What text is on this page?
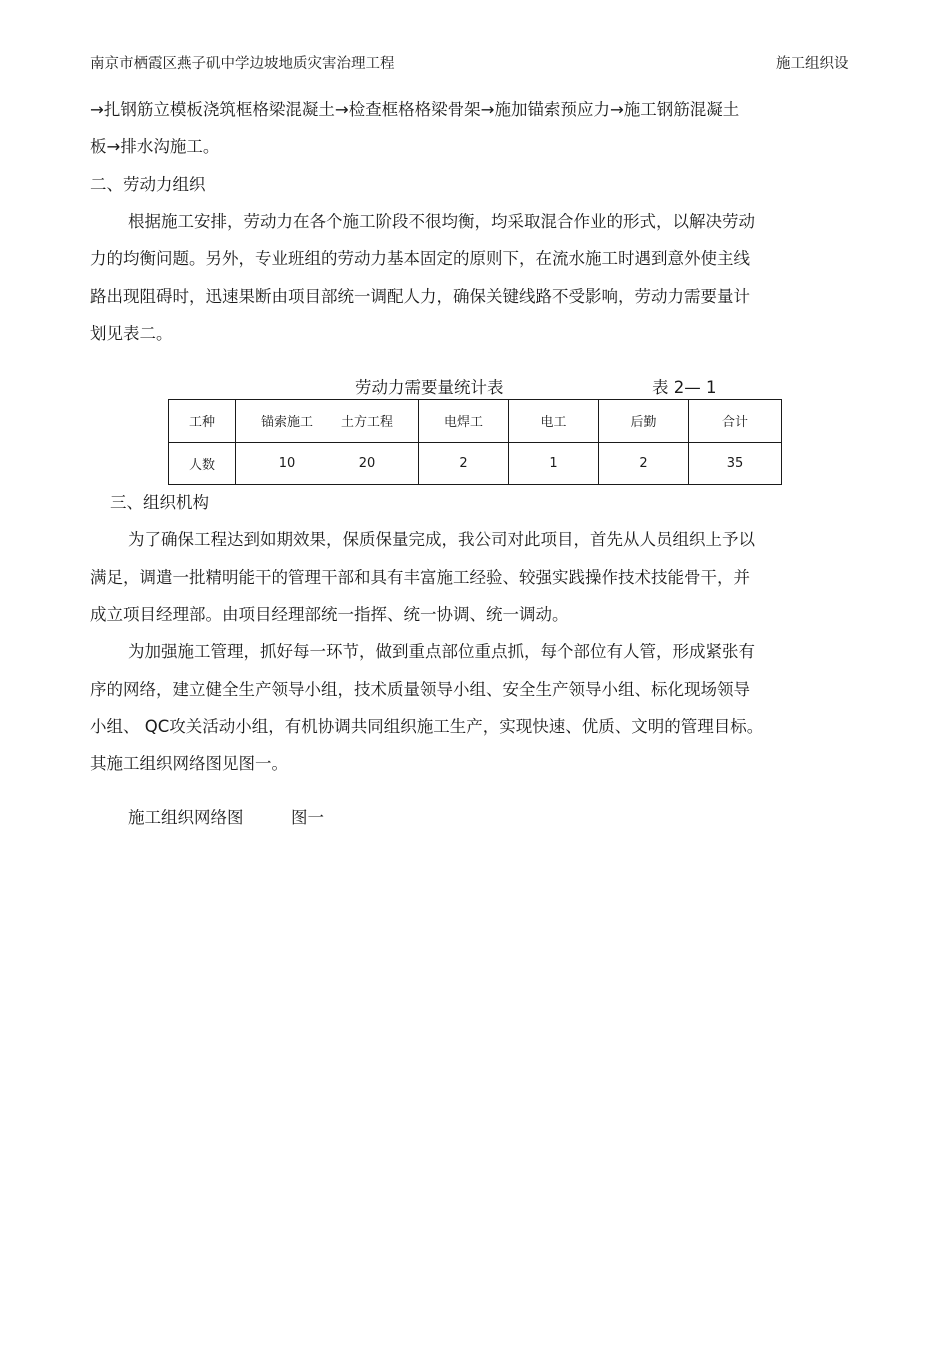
南京市栖霞区燕子矶中学边坡地质灾害治理工程	施工组织设
→扎钢筋立模板浇筑框格梁混凝土→检查框格格梁骨架→施加锚索预应力→施工钢筋混凝土
板→排水沟施工。
二、劳动力组织
根据施工安排，劳动力在各个施工阶段不很均衡，均采取混合作业的形式，以解决劳动
力的均衡问题。另外，专业班组的劳动力基本固定的原则下，在流水施工时遇到意外使主线
路出现阻碍时，迅速果断由项目部统一调配人力，确保关键线路不受影响，劳动力需要量计
划见表二。
劳动力需要量统计表	表 2— 1
工种	锚索施工 土方工程	电焊工	电工	后勤	合计
人数	10 20	2	1	2	35
三、组织机构
为了确保工程达到如期效果，保质保量完成，我公司对此项目，首先从人员组织上予以
满足，调遣一批精明能干的管理干部和具有丰富施工经验、较强实践操作技术技能骨干，并
成立项目经理部。由项目经理部统一指挥、统一协调、统一调动。
为加强施工管理，抓好每一环节，做到重点部位重点抓，每个部位有人管，形成紧张有
序的网络，建立健全生产领导小组，技术质量领导小组、安全生产领导小组、标化现场领导
小组、 QC攻关活动小组，有机协调共同组织施工生产，实现快速、优质、文明的管理目标。
其施工组织网络图见图一。
施工组织网络图	图一
